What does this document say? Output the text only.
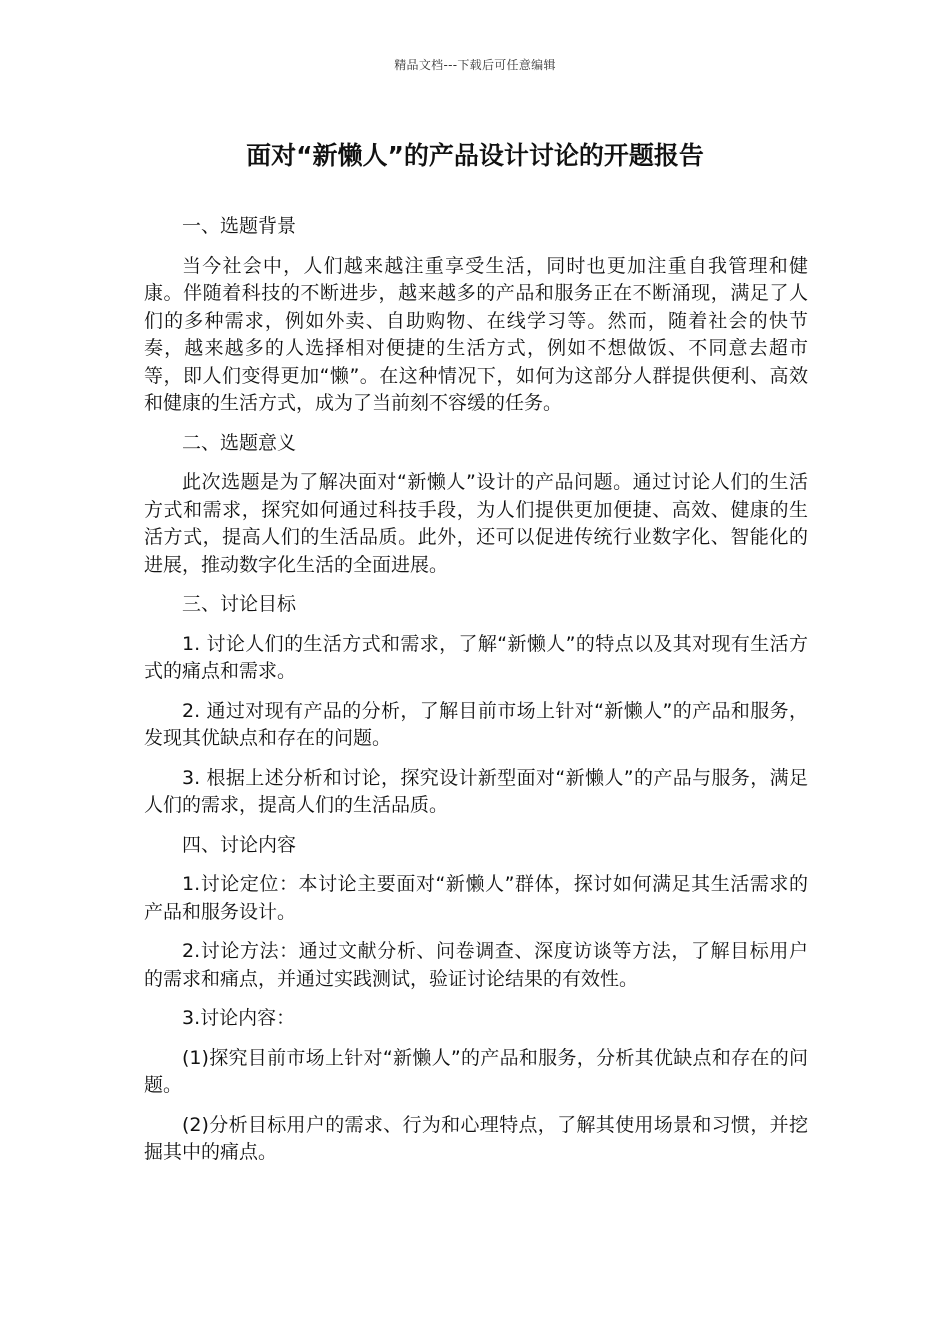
精品文档---下载后可任意编辑
面对“新懒人”的产品设计讨论的开题报告
一、选题背景
当今社会中，人们越来越注重享受生活，同时也更加注重自我管理和健康。伴随着科技的不断进步，越来越多的产品和服务正在不断涌现，满足了人们的多种需求，例如外卖、自助购物、在线学习等。然而，随着社会的快节奏，越来越多的人选择相对便捷的生活方式，例如不想做饭、不同意去超市等，即人们变得更加“懒”。在这种情况下，如何为这部分人群提供便利、高效和健康的生活方式，成为了当前刻不容缓的任务。
二、选题意义
此次选题是为了解决面对“新懒人”设计的产品问题。通过讨论人们的生活方式和需求，探究如何通过科技手段，为人们提供更加便捷、高效、健康的生活方式，提高人们的生活品质。此外，还可以促进传统行业数字化、智能化的进展，推动数字化生活的全面进展。
三、讨论目标
1. 讨论人们的生活方式和需求，了解“新懒人”的特点以及其对现有生活方式的痛点和需求。
2. 通过对现有产品的分析，了解目前市场上针对“新懒人”的产品和服务，发现其优缺点和存在的问题。
3. 根据上述分析和讨论，探究设计新型面对“新懒人”的产品与服务，满足人们的需求，提高人们的生活品质。
四、讨论内容
1.讨论定位：本讨论主要面对“新懒人”群体，探讨如何满足其生活需求的产品和服务设计。
2.讨论方法：通过文献分析、问卷调查、深度访谈等方法，了解目标用户的需求和痛点，并通过实践测试，验证讨论结果的有效性。
3.讨论内容：
(1)探究目前市场上针对“新懒人”的产品和服务，分析其优缺点和存在的问题。
(2)分析目标用户的需求、行为和心理特点，了解其使用场景和习惯，并挖掘其中的痛点。
